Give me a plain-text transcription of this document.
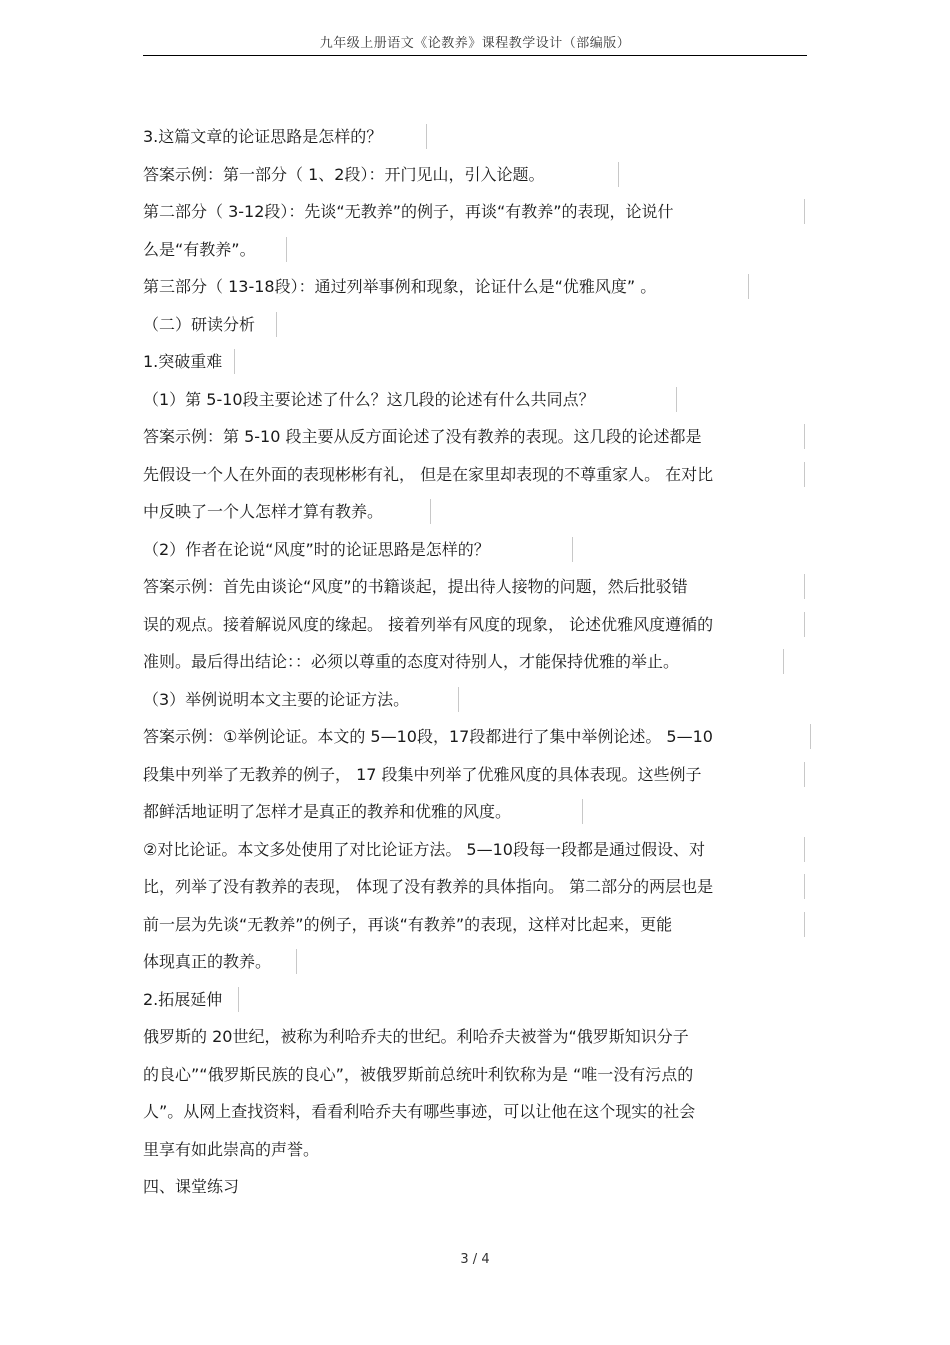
九年级上册语文《论教养》课程教学设计（部编版）
3.这篇文章的论证思路是怎样的？
答案示例：第一部分（ 1、2段）：开门见山，引入论题。
第二部分（ 3-12段）：先谈“无教养”的例子，再谈“有教养”的表现，论说什
么是“有教养”。
第三部分（ 13-18段）：通过列举事例和现象，论证什么是“优雅风度” 。
（二）研读分析
1.突破重难
（1）第 5-10段主要论述了什么？这几段的论述有什么共同点？
答案示例：第 5-10 段主要从反方面论述了没有教养的表现。这几段的论述都是
先假设一个人在外面的表现彬彬有礼， 但是在家里却表现的不尊重家人。 在对比
中反映了一个人怎样才算有教养。
（2）作者在论说“风度”时的论证思路是怎样的？
答案示例：首先由谈论“风度”的书籍谈起，提出待人接物的问题，然后批驳错
误的观点。接着解说风度的缘起。 接着列举有风度的现象， 论述优雅风度遵循的
准则。最后得出结论：：必须以尊重的态度对待别人，才能保持优雅的举止。
（3）举例说明本文主要的论证方法。
答案示例：①举例论证。本文的 5—10段，17段都进行了集中举例论述。 5—10
段集中列举了无教养的例子， 17 段集中列举了优雅风度的具体表现。这些例子
都鲜活地证明了怎样才是真正的教养和优雅的风度。
②对比论证。本文多处使用了对比论证方法。 5—10段每一段都是通过假设、对
比，列举了没有教养的表现， 体现了没有教养的具体指向。 第二部分的两层也是
前一层为先谈“无教养”的例子，再谈“有教养”的表现，这样对比起来，更能
体现真正的教养。
2.拓展延伸
俄罗斯的 20世纪，被称为利哈乔夫的世纪。利哈乔夫被誉为“俄罗斯知识分子
的良心”“俄罗斯民族的良心”，被俄罗斯前总统叶利钦称为是 “唯一没有污点的
人”。从网上查找资料，看看利哈乔夫有哪些事迹，可以让他在这个现实的社会
里享有如此崇高的声誉。
四、课堂练习
3 / 4
